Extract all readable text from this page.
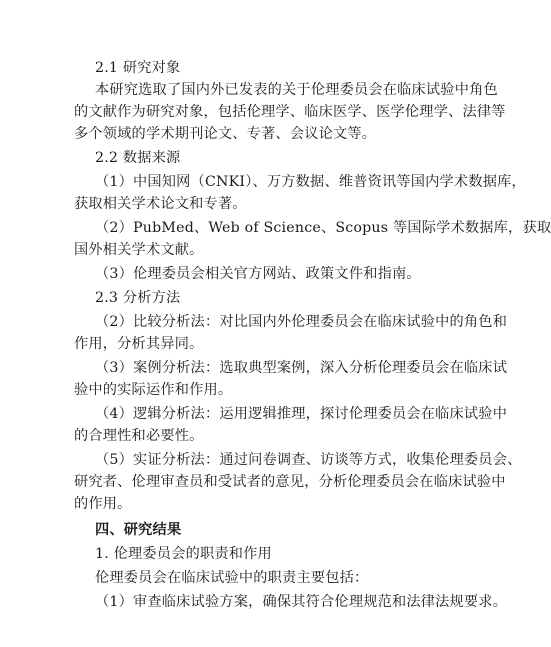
2.1 研究对象
本研究选取了国内外已发表的关于伦理委员会在临床试验中角色
的文献作为研究对象，包括伦理学、临床医学、医学伦理学、法律等
多个领域的学术期刊论文、专著、会议论文等。
2.2 数据来源
（1）中国知网（CNKI）、万方数据、维普资讯等国内学术数据库，
获取相关学术论文和专著。
（2）PubMed、Web of Science、Scopus 等国际学术数据库，获取
国外相关学术文献。
（3）伦理委员会相关官方网站、政策文件和指南。
2.3 分析方法
（2）比较分析法：对比国内外伦理委员会在临床试验中的角色和
作用，分析其异同。
（3）案例分析法：选取典型案例，深入分析伦理委员会在临床试
验中的实际运作和作用。
（4）逻辑分析法：运用逻辑推理，探讨伦理委员会在临床试验中
的合理性和必要性。
（5）实证分析法：通过问卷调查、访谈等方式，收集伦理委员会、
研究者、伦理审查员和受试者的意见，分析伦理委员会在临床试验中
的作用。
四、研究结果
1. 伦理委员会的职责和作用
伦理委员会在临床试验中的职责主要包括：
（1）审查临床试验方案，确保其符合伦理规范和法律法规要求。
